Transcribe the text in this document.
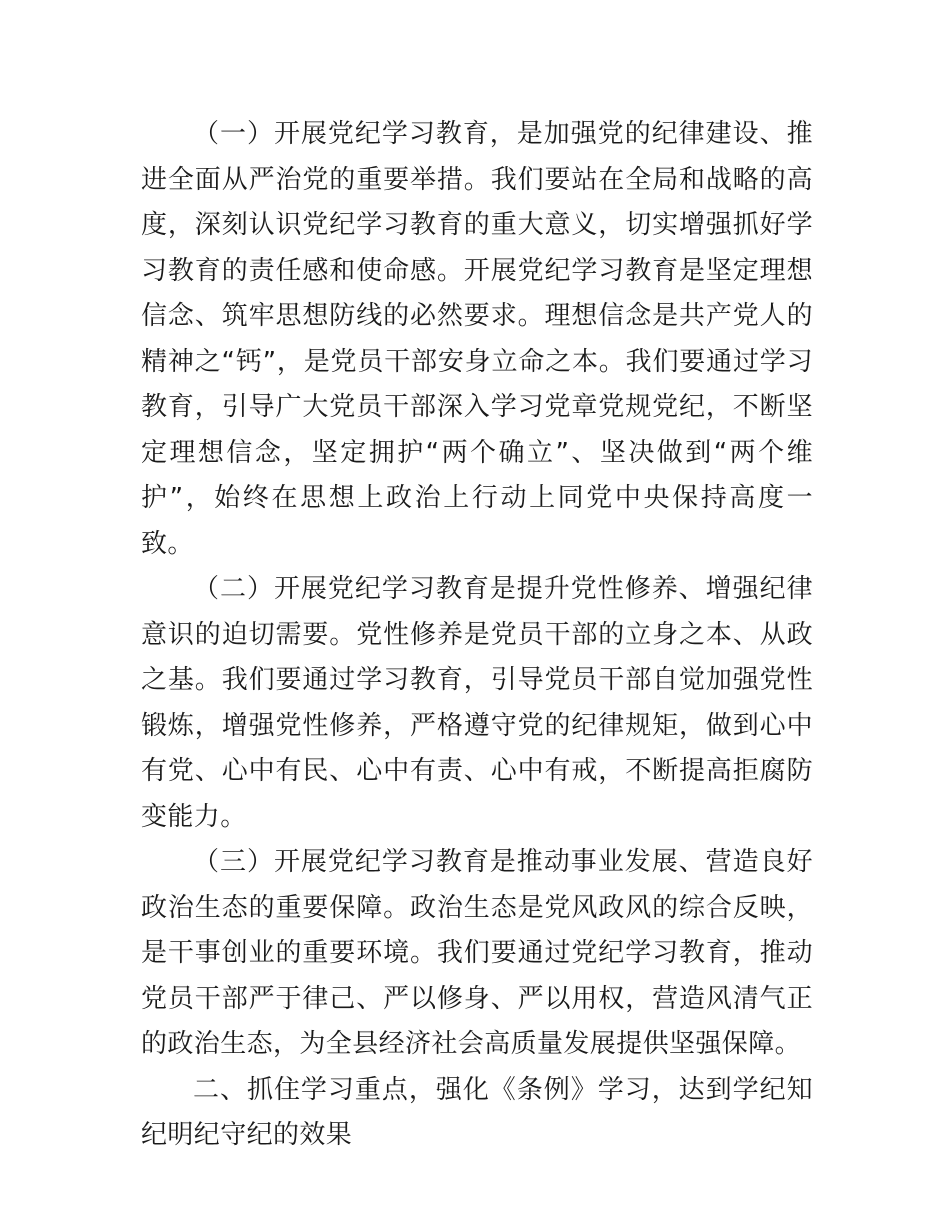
（一）开展党纪学习教育，是加强党的纪律建设、推进全面从严治党的重要举措。我们要站在全局和战略的高度，深刻认识党纪学习教育的重大意义，切实增强抓好学习教育的责任感和使命感。开展党纪学习教育是坚定理想信念、筑牢思想防线的必然要求。理想信念是共产党人的精神之“钙”，是党员干部安身立命之本。我们要通过学习教育，引导广大党员干部深入学习党章党规党纪，不断坚定理想信念，坚定拥护“两个确立”、坚决做到“两个维护”，始终在思想上政治上行动上同党中央保持高度一致。

（二）开展党纪学习教育是提升党性修养、增强纪律意识的迫切需要。党性修养是党员干部的立身之本、从政之基。我们要通过学习教育，引导党员干部自觉加强党性锻炼，增强党性修养，严格遵守党的纪律规矩，做到心中有党、心中有民、心中有责、心中有戒，不断提高拒腐防变能力。

（三）开展党纪学习教育是推动事业发展、营造良好政治生态的重要保障。政治生态是党风政风的综合反映，是干事创业的重要环境。我们要通过党纪学习教育，推动党员干部严于律己、严以修身、严以用权，营造风清气正的政治生态，为全县经济社会高质量发展提供坚强保障。

二、抓住学习重点，强化《条例》学习，达到学纪知纪明纪守纪的效果
